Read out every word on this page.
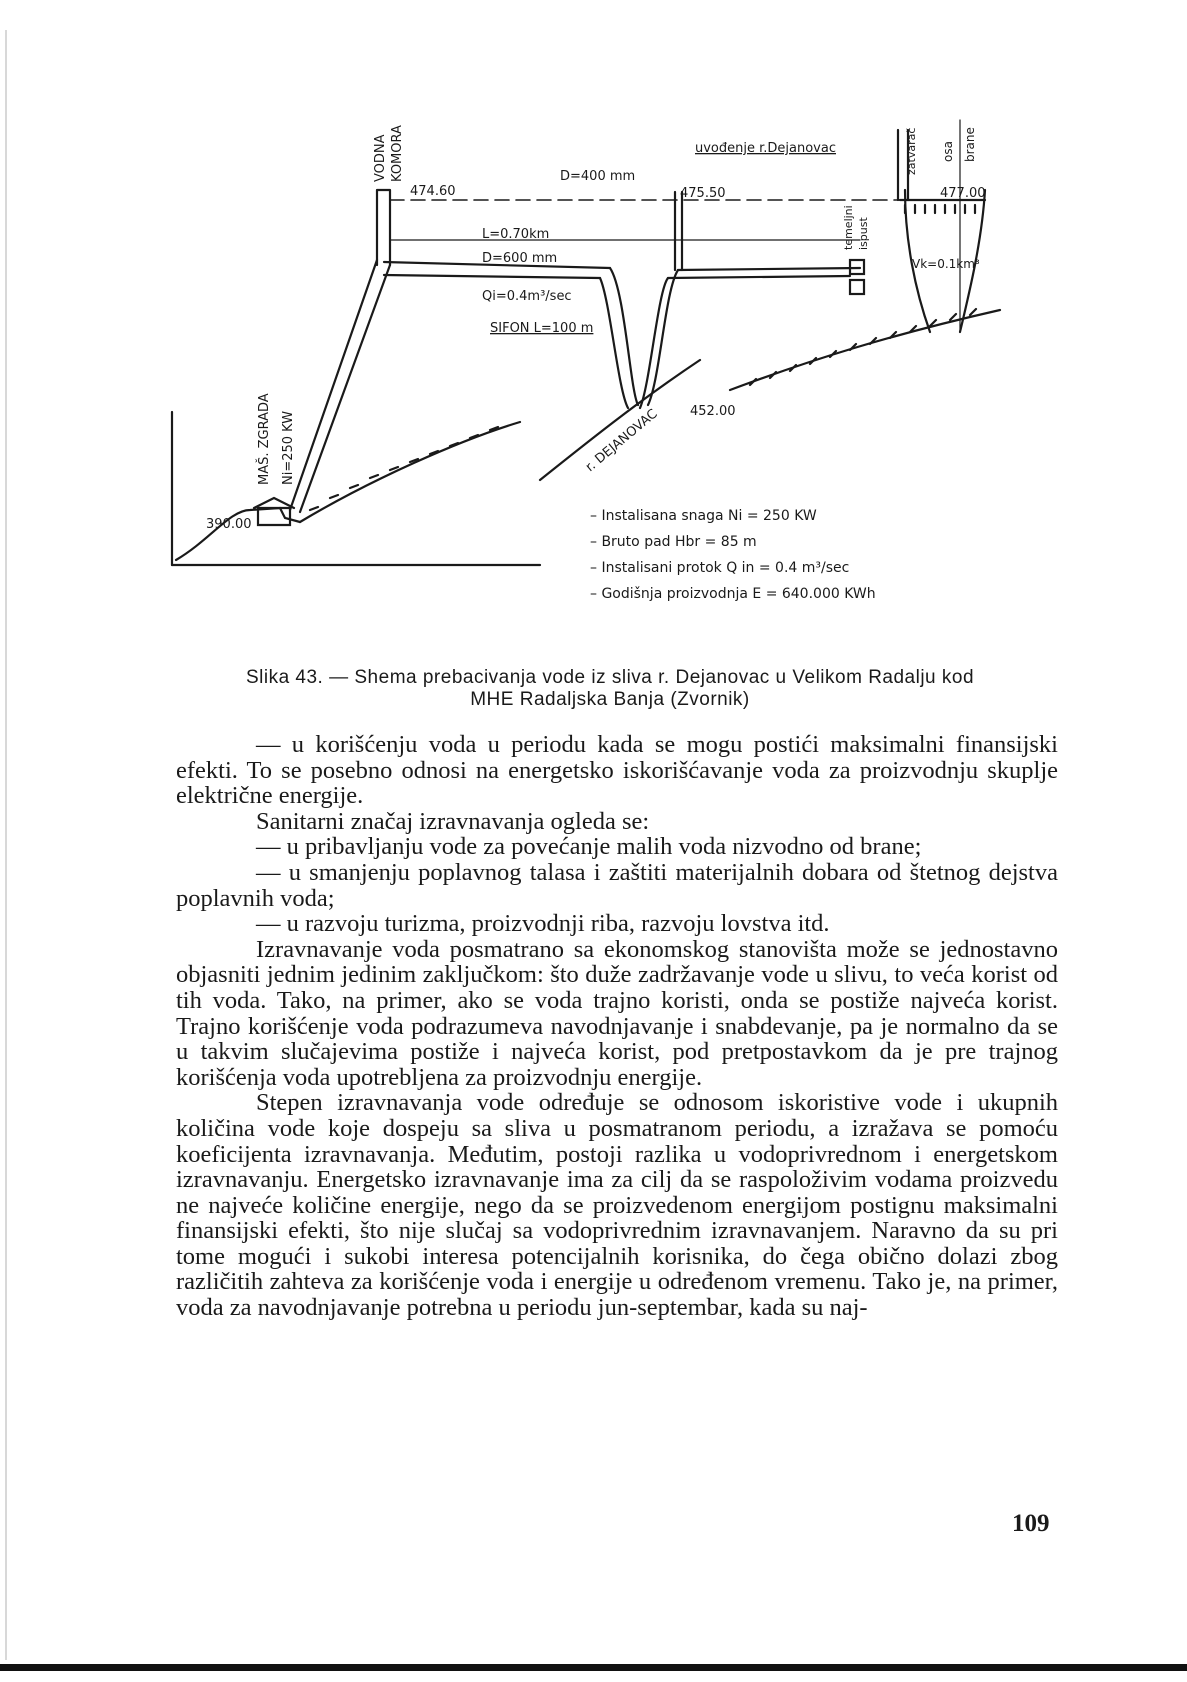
VODNA KOMORA
474.60
D=400 mm
uvođenje r.Dejanovac
475.50
zatvarač osa brane
477.00
L=0.70km
D=600 mm
Qi=0.4m³/sec
SIFON L=100 m
temeljni ispust
Vk=0.1km³
MAŠ. ZGRADA Ni=250 KW	452.00
r. DEJANOVAC
390.00
– Instalisana snaga Ni = 250 KW
– Bruto pad Hbr = 85 m
– Instalisani protok Q in = 0.4 m³/sec
– Godišnja proizvodnja E = 640.000 KWh
Slika 43. — Shema prebacivanja vode iz sliva r. Dejanovac u Velikom Radalju kod
MHE Radaljska Banja (Zvornik)

— u korišćenju voda u periodu kada se mogu postići maksimalni finansijski efekti. To se posebno odnosi na energetsko iskorišćavanje voda za proizvodnju skuplje električne energije.

Sanitarni značaj izravnavanja ogleda se:

— u pribavljanju vode za povećanje malih voda nizvodno od brane;

— u smanjenju poplavnog talasa i zaštiti materijalnih dobara od štetnog dejstva poplavnih voda;

— u razvoju turizma, proizvodnji riba, razvoju lovstva itd.

Izravnavanje voda posmatrano sa ekonomskog stanovišta može se jednostavno objasniti jednim jedinim zaključkom: što duže zadržavanje vode u slivu, to veća korist od tih voda. Tako, na primer, ako se voda trajno koristi, onda se postiže najveća korist. Trajno korišćenje voda podrazumeva navodnjavanje i snabdevanje, pa je normalno da se u takvim slučajevima postiže i najveća korist, pod pretpostavkom da je pre trajnog korišćenja voda upotrebljena za proizvodnju energije.

Stepen izravnavanja vode određuje se odnosom iskoristive vode i ukupnih količina vode koje dospeju sa sliva u posmatranom periodu, a izražava se pomoću koeficijenta izravnavanja. Međutim, postoji razlika u vodoprivrednom i energetskom izravnavanju. Energetsko izravnavanje ima za cilj da se raspoloživim vodama proizvedu ne najveće količine energije, nego da se proizvedenom energijom postignu maksimalni finansijski efekti, što nije slučaj sa vodoprivrednim izravnavanjem. Naravno da su pri tome mogući i sukobi interesa potencijalnih korisnika, do čega obično dolazi zbog različitih zahteva za korišćenje voda i energije u određenom vremenu. Tako je, na primer, voda za navodnjavanje potrebna u periodu jun-septembar, kada su naj-

109
